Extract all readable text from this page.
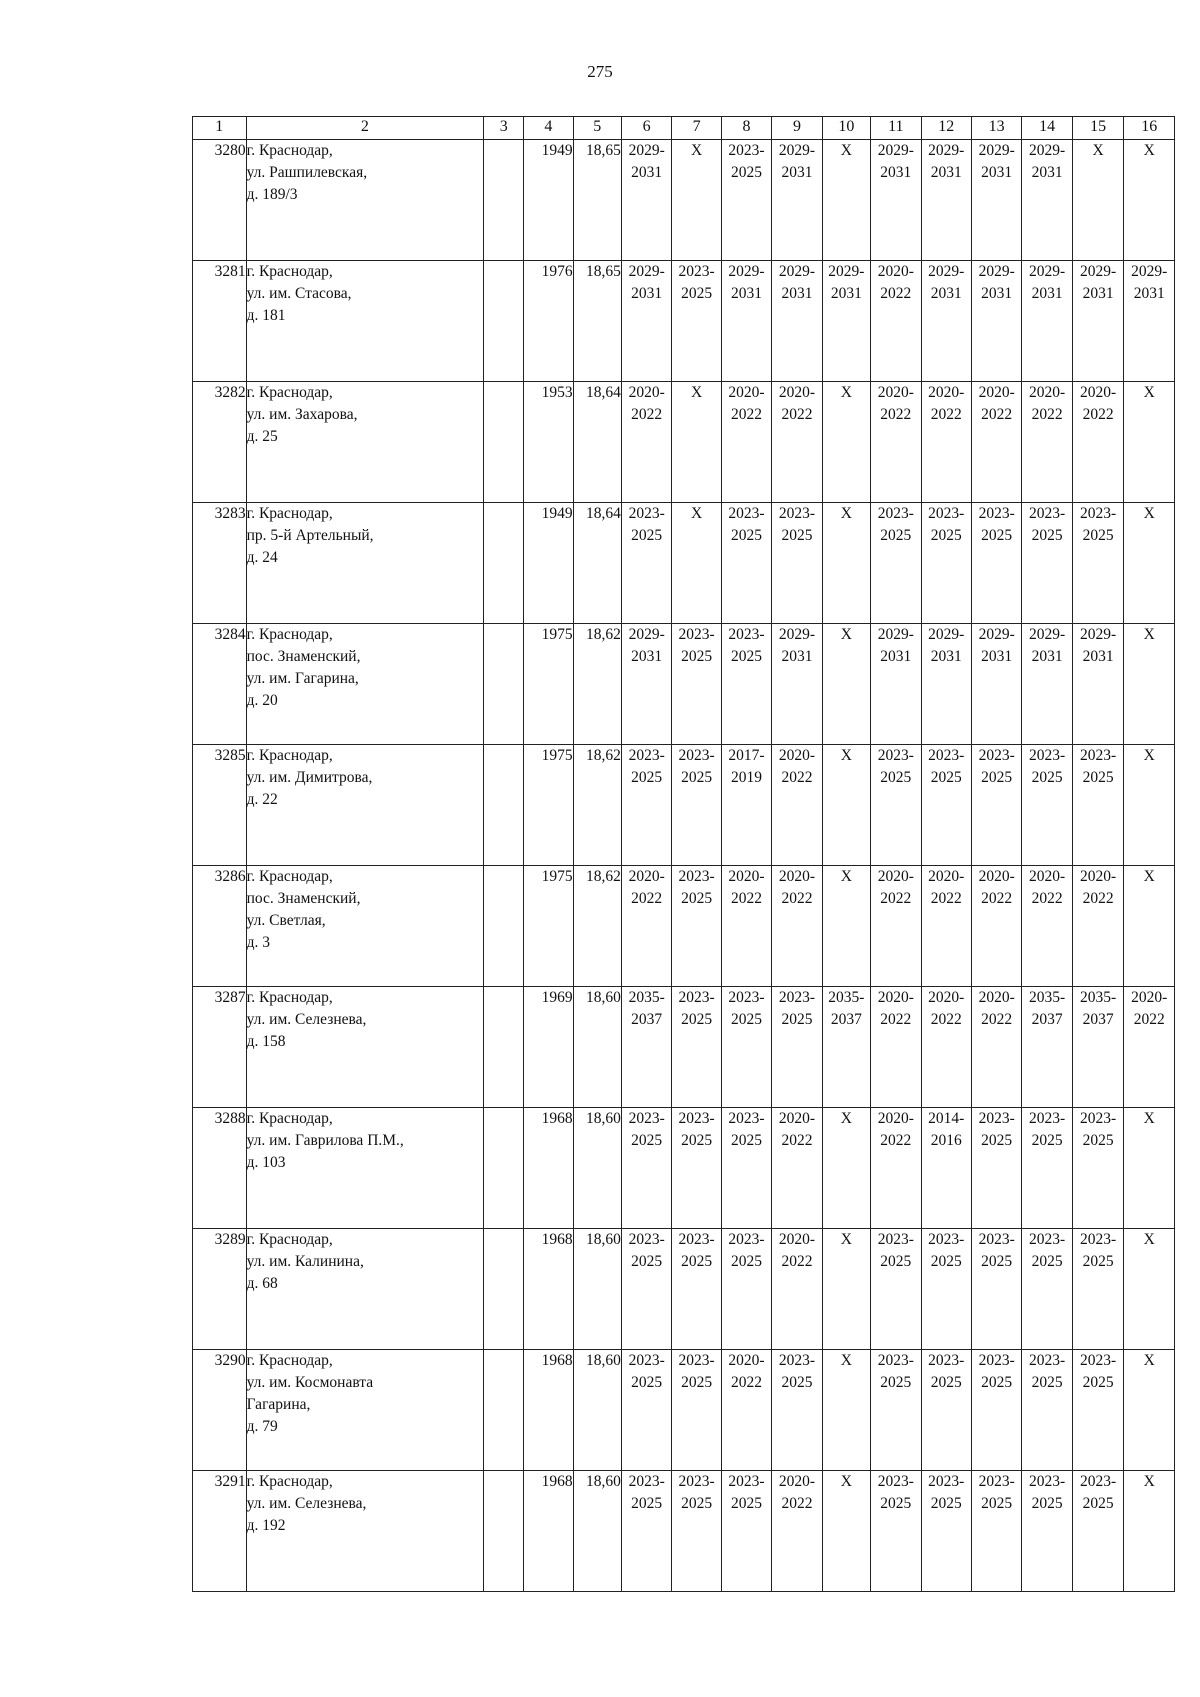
275
1	2	3	4	5	6	7	8	9	10	11	12	13	14	15	16

3280	г. Краснодар,
ул. Рашпилевская,
д. 189/3		1949	18,65	2029-
2031	X	2023-
2025	2029-
2031	X	2029-
2031	2029-
2031	2029-
2031	2029-
2031	X	X

3281	г. Краснодар,
ул. им. Стасова,
д. 181		1976	18,65	2029-
2031	2023-
2025	2029-
2031	2029-
2031	2029-
2031	2020-
2022	2029-
2031	2029-
2031	2029-
2031	2029-
2031	2029-
2031

3282	г. Краснодар,
ул. им. Захарова,
д. 25		1953	18,64	2020-
2022	X	2020-
2022	2020-
2022	X	2020-
2022	2020-
2022	2020-
2022	2020-
2022	2020-
2022	X

3283	г. Краснодар,
пр. 5-й Артельный,
д. 24		1949	18,64	2023-
2025	X	2023-
2025	2023-
2025	X	2023-
2025	2023-
2025	2023-
2025	2023-
2025	2023-
2025	X

3284	г. Краснодар,
пос. Знаменский,
ул. им. Гагарина,
д. 20		1975	18,62	2029-
2031	2023-
2025	2023-
2025	2029-
2031	X	2029-
2031	2029-
2031	2029-
2031	2029-
2031	2029-
2031	X

3285	г. Краснодар,
ул. им. Димитрова,
д. 22		1975	18,62	2023-
2025	2023-
2025	2017-
2019	2020-
2022	X	2023-
2025	2023-
2025	2023-
2025	2023-
2025	2023-
2025	X

3286	г. Краснодар,
пос. Знаменский,
ул. Светлая,
д. 3		1975	18,62	2020-
2022	2023-
2025	2020-
2022	2020-
2022	X	2020-
2022	2020-
2022	2020-
2022	2020-
2022	2020-
2022	X

3287	г. Краснодар,
ул. им. Селезнева,
д. 158		1969	18,60	2035-
2037	2023-
2025	2023-
2025	2023-
2025	2035-
2037	2020-
2022	2020-
2022	2020-
2022	2035-
2037	2035-
2037	2020-
2022

3288	г. Краснодар,
ул. им. Гаврилова П.М.,
д. 103		1968	18,60	2023-
2025	2023-
2025	2023-
2025	2020-
2022	X	2020-
2022	2014-
2016	2023-
2025	2023-
2025	2023-
2025	X

3289	г. Краснодар,
ул. им. Калинина,
д. 68		1968	18,60	2023-
2025	2023-
2025	2023-
2025	2020-
2022	X	2023-
2025	2023-
2025	2023-
2025	2023-
2025	2023-
2025	X

3290	г. Краснодар,
ул. им. Космонавта
Гагарина,
д. 79		1968	18,60	2023-
2025	2023-
2025	2020-
2022	2023-
2025	X	2023-
2025	2023-
2025	2023-
2025	2023-
2025	2023-
2025	X

3291	г. Краснодар,
ул. им. Селезнева,
д. 192		1968	18,60	2023-
2025	2023-
2025	2023-
2025	2020-
2022	X	2023-
2025	2023-
2025	2023-
2025	2023-
2025	2023-
2025	X
